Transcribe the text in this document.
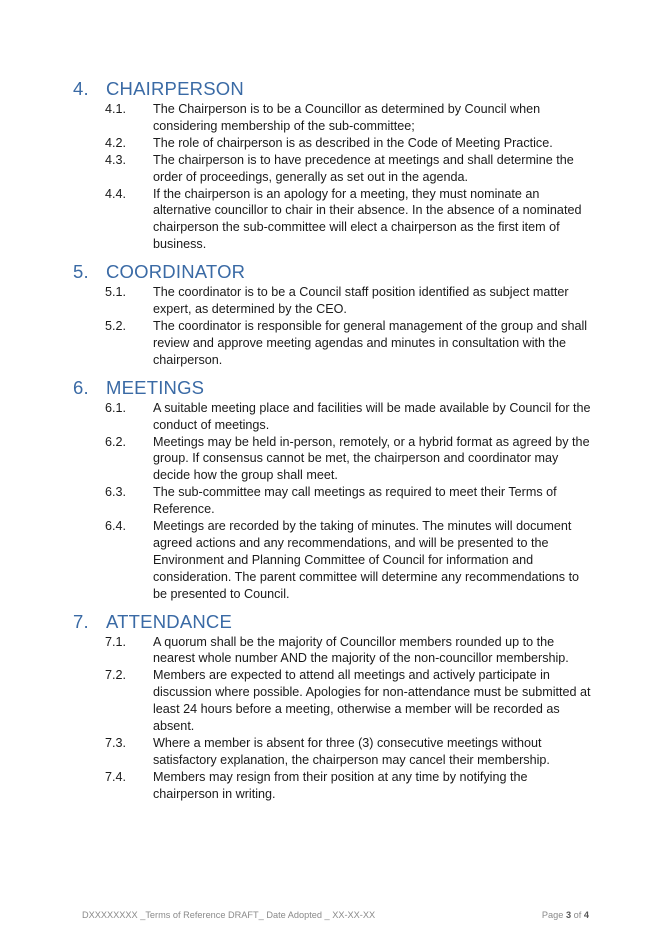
4. CHAIRPERSON
4.1.	The Chairperson is to be a Councillor as determined by Council when considering membership of the sub-committee;
4.2.	The role of chairperson is as described in the Code of Meeting Practice.
4.3.	The chairperson is to have precedence at meetings and shall determine the order of proceedings, generally as set out in the agenda.
4.4.	If the chairperson is an apology for a meeting, they must nominate an alternative councillor to chair in their absence. In the absence of a nominated chairperson the sub-committee will elect a chairperson as the first item of business.
5. COORDINATOR
5.1.	The coordinator is to be a Council staff position identified as subject matter expert, as determined by the CEO.
5.2.	The coordinator is responsible for general management of the group and shall review and approve meeting agendas and minutes in consultation with the chairperson.
6. MEETINGS
6.1.	A suitable meeting place and facilities will be made available by Council for the conduct of meetings.
6.2.	Meetings may be held in-person, remotely, or a hybrid format as agreed by the group. If consensus cannot be met, the chairperson and coordinator may decide how the group shall meet.
6.3.	The sub-committee may call meetings as required to meet their Terms of Reference.
6.4.	Meetings are recorded by the taking of minutes. The minutes will document agreed actions and any recommendations, and will be presented to the Environment and Planning Committee of Council for information and consideration. The parent committee will determine any recommendations to be presented to Council.
7. ATTENDANCE
7.1.	A quorum shall be the majority of Councillor members rounded up to the nearest whole number AND the majority of the non-councillor membership.
7.2.	Members are expected to attend all meetings and actively participate in discussion where possible. Apologies for non-attendance must be submitted at least 24 hours before a meeting, otherwise a member will be recorded as absent.
7.3.	Where a member is absent for three (3) consecutive meetings without satisfactory explanation, the chairperson may cancel their membership.
7.4.	Members may resign from their position at any time by notifying the chairperson in writing.
DXXXXXXXX _Terms of Reference DRAFT_ Date Adopted _ XX-XX-XX	Page 3 of 4
